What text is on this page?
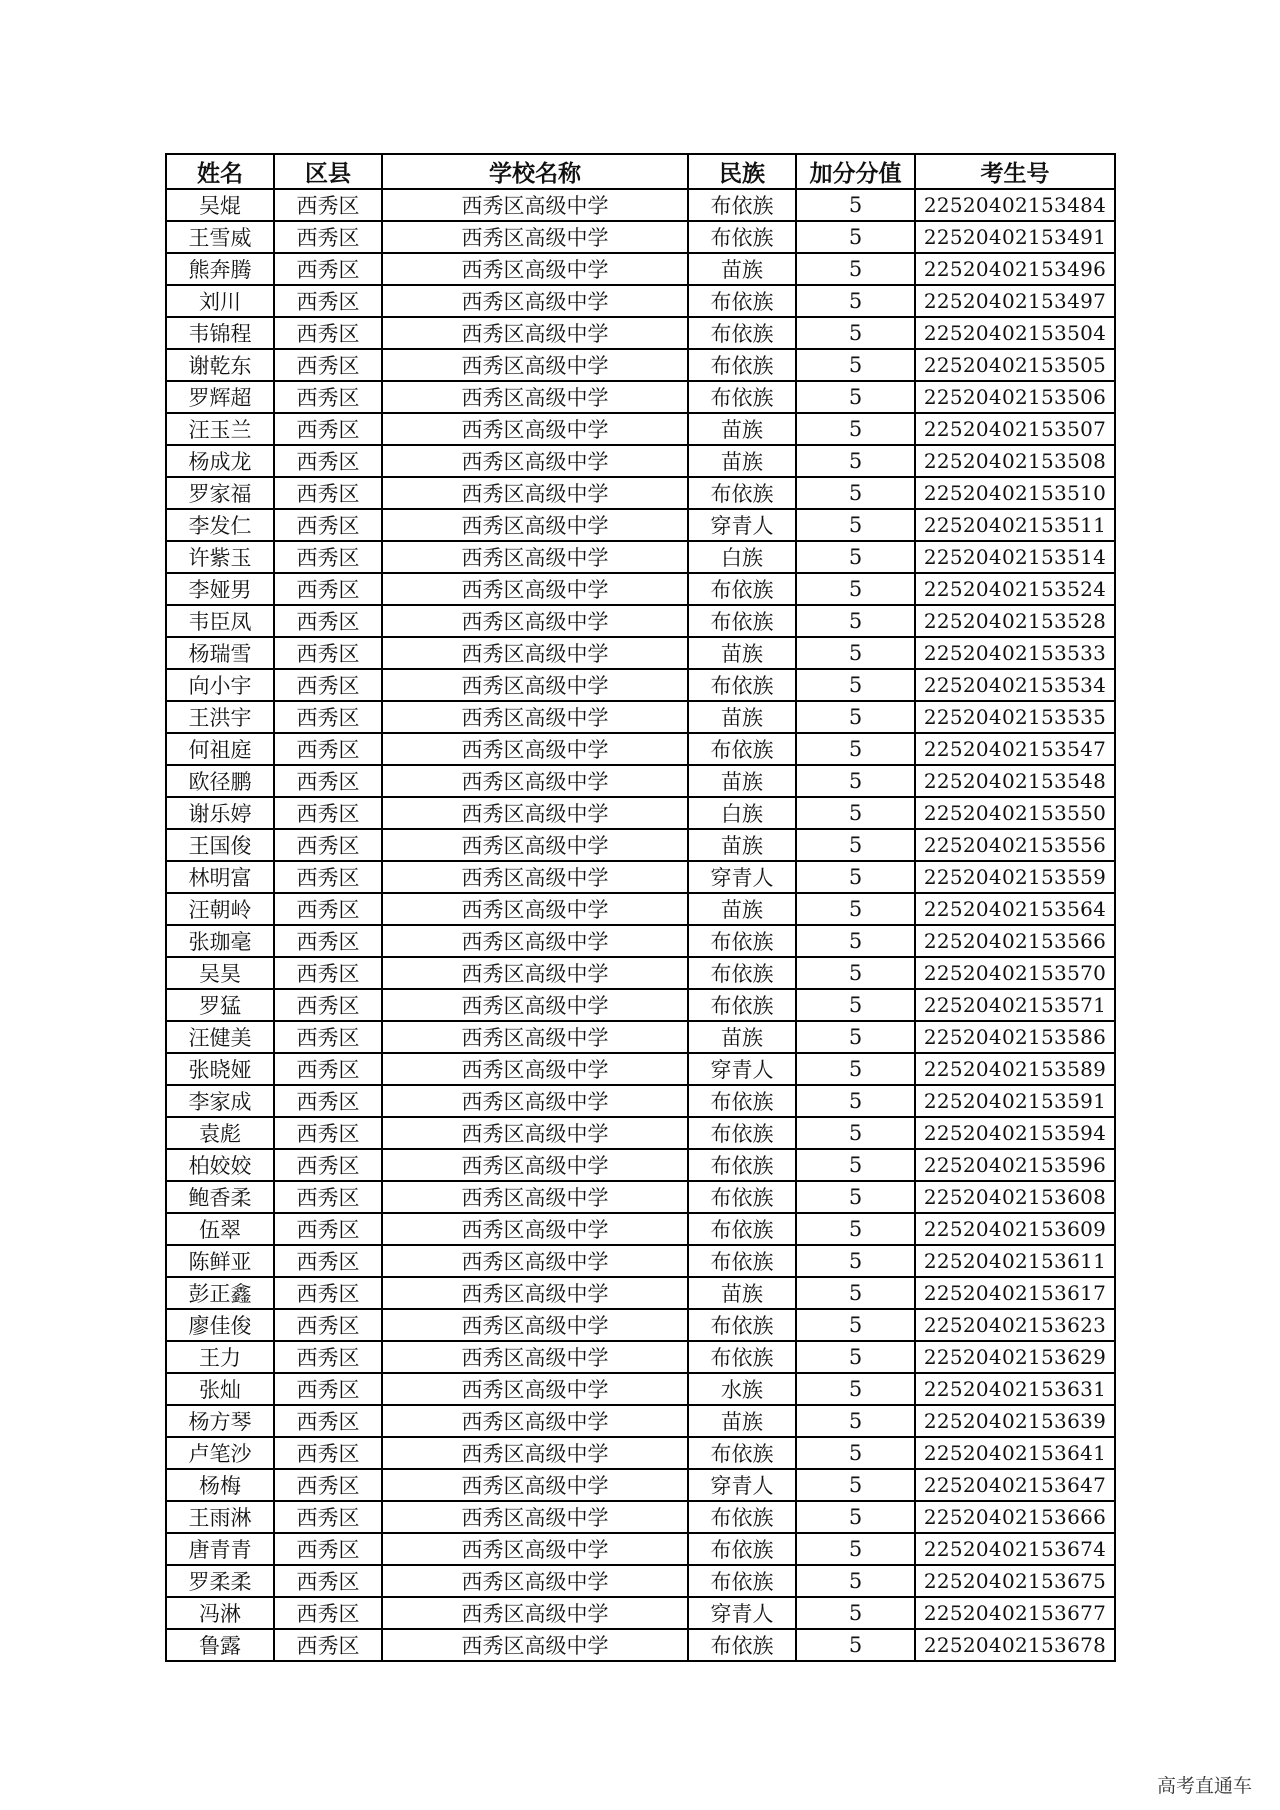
姓名	区县	学校名称	民族	加分分值	考生号
吴焜	西秀区	西秀区高级中学	布依族	5	22520402153484
王雪威	西秀区	西秀区高级中学	布依族	5	22520402153491
熊奔腾	西秀区	西秀区高级中学	苗族	5	22520402153496
刘川	西秀区	西秀区高级中学	布依族	5	22520402153497
韦锦程	西秀区	西秀区高级中学	布依族	5	22520402153504
谢乾东	西秀区	西秀区高级中学	布依族	5	22520402153505
罗辉超	西秀区	西秀区高级中学	布依族	5	22520402153506
汪玉兰	西秀区	西秀区高级中学	苗族	5	22520402153507
杨成龙	西秀区	西秀区高级中学	苗族	5	22520402153508
罗家福	西秀区	西秀区高级中学	布依族	5	22520402153510
李发仁	西秀区	西秀区高级中学	穿青人	5	22520402153511
许紫玉	西秀区	西秀区高级中学	白族	5	22520402153514
李娅男	西秀区	西秀区高级中学	布依族	5	22520402153524
韦臣凤	西秀区	西秀区高级中学	布依族	5	22520402153528
杨瑞雪	西秀区	西秀区高级中学	苗族	5	22520402153533
向小宇	西秀区	西秀区高级中学	布依族	5	22520402153534
王洪宇	西秀区	西秀区高级中学	苗族	5	22520402153535
何祖庭	西秀区	西秀区高级中学	布依族	5	22520402153547
欧径鹏	西秀区	西秀区高级中学	苗族	5	22520402153548
谢乐婷	西秀区	西秀区高级中学	白族	5	22520402153550
王国俊	西秀区	西秀区高级中学	苗族	5	22520402153556
林明富	西秀区	西秀区高级中学	穿青人	5	22520402153559
汪朝岭	西秀区	西秀区高级中学	苗族	5	22520402153564
张珈毫	西秀区	西秀区高级中学	布依族	5	22520402153566
吴昊	西秀区	西秀区高级中学	布依族	5	22520402153570
罗猛	西秀区	西秀区高级中学	布依族	5	22520402153571
汪健美	西秀区	西秀区高级中学	苗族	5	22520402153586
张晓娅	西秀区	西秀区高级中学	穿青人	5	22520402153589
李家成	西秀区	西秀区高级中学	布依族	5	22520402153591
袁彪	西秀区	西秀区高级中学	布依族	5	22520402153594
柏姣姣	西秀区	西秀区高级中学	布依族	5	22520402153596
鲍香柔	西秀区	西秀区高级中学	布依族	5	22520402153608
伍翠	西秀区	西秀区高级中学	布依族	5	22520402153609
陈鲜亚	西秀区	西秀区高级中学	布依族	5	22520402153611
彭正鑫	西秀区	西秀区高级中学	苗族	5	22520402153617
廖佳俊	西秀区	西秀区高级中学	布依族	5	22520402153623
王力	西秀区	西秀区高级中学	布依族	5	22520402153629
张灿	西秀区	西秀区高级中学	水族	5	22520402153631
杨方琴	西秀区	西秀区高级中学	苗族	5	22520402153639
卢笔沙	西秀区	西秀区高级中学	布依族	5	22520402153641
杨梅	西秀区	西秀区高级中学	穿青人	5	22520402153647
王雨淋	西秀区	西秀区高级中学	布依族	5	22520402153666
唐青青	西秀区	西秀区高级中学	布依族	5	22520402153674
罗柔柔	西秀区	西秀区高级中学	布依族	5	22520402153675
冯淋	西秀区	西秀区高级中学	穿青人	5	22520402153677
鲁露	西秀区	西秀区高级中学	布依族	5	22520402153678
高考直通车
